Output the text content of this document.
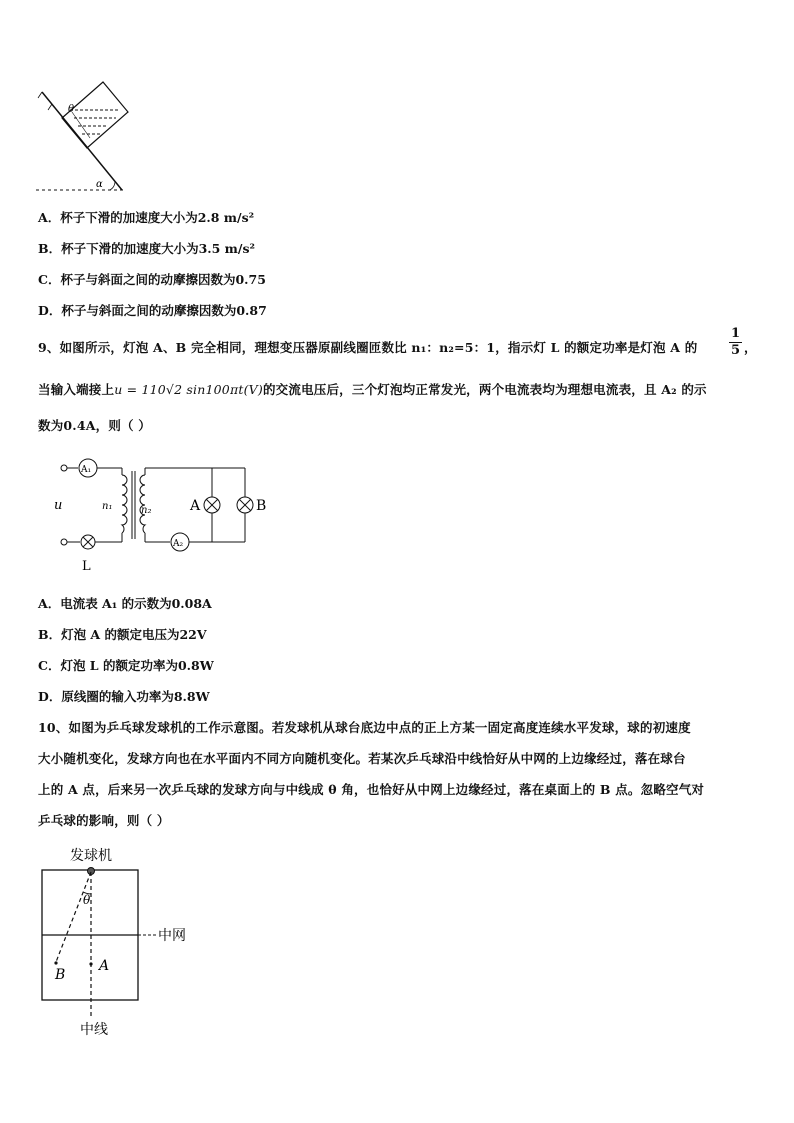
θ
α
A．杯子下滑的加速度大小为2.8 m/s²
B．杯子下滑的加速度大小为3.5 m/s²
C．杯子与斜面之间的动摩擦因数为0.75
D．杯子与斜面之间的动摩擦因数为0.87
9、如图所示，灯泡 A、B 完全相同，理想变压器原副线圈匝数比 n₁：n₂=5：1，指示灯 L 的额定功率是灯泡 A 的 $\frac{1}{5}$ ，
当输入端接上u = 110√2 sin100πt(V)的交流电压后，三个灯泡均正常发光，两个电流表均为理想电流表，且 A₂ 的示
数为0.4A，则（ ）
u
A₁
L
n₁	n₂
A₂
A	B
A．电流表 A₁ 的示数为0.08A
B．灯泡 A 的额定电压为22V
C．灯泡 L 的额定功率为0.8W
D．原线圈的输入功率为8.8W
10、如图为乒乓球发球机的工作示意图。若发球机从球台底边中点的正上方某一固定高度连续水平发球，球的初速度
大小随机变化，发球方向也在水平面内不同方向随机变化。若某次乒乓球沿中线恰好从中网的上边缘经过，落在球台
上的 A 点，后来另一次乒乓球的发球方向与中线成 θ 角，也恰好从中网上边缘经过，落在桌面上的 B 点。忽略空气对
乒乓球的影响，则（ ）
发球机
中网
θ
B
A
中线
